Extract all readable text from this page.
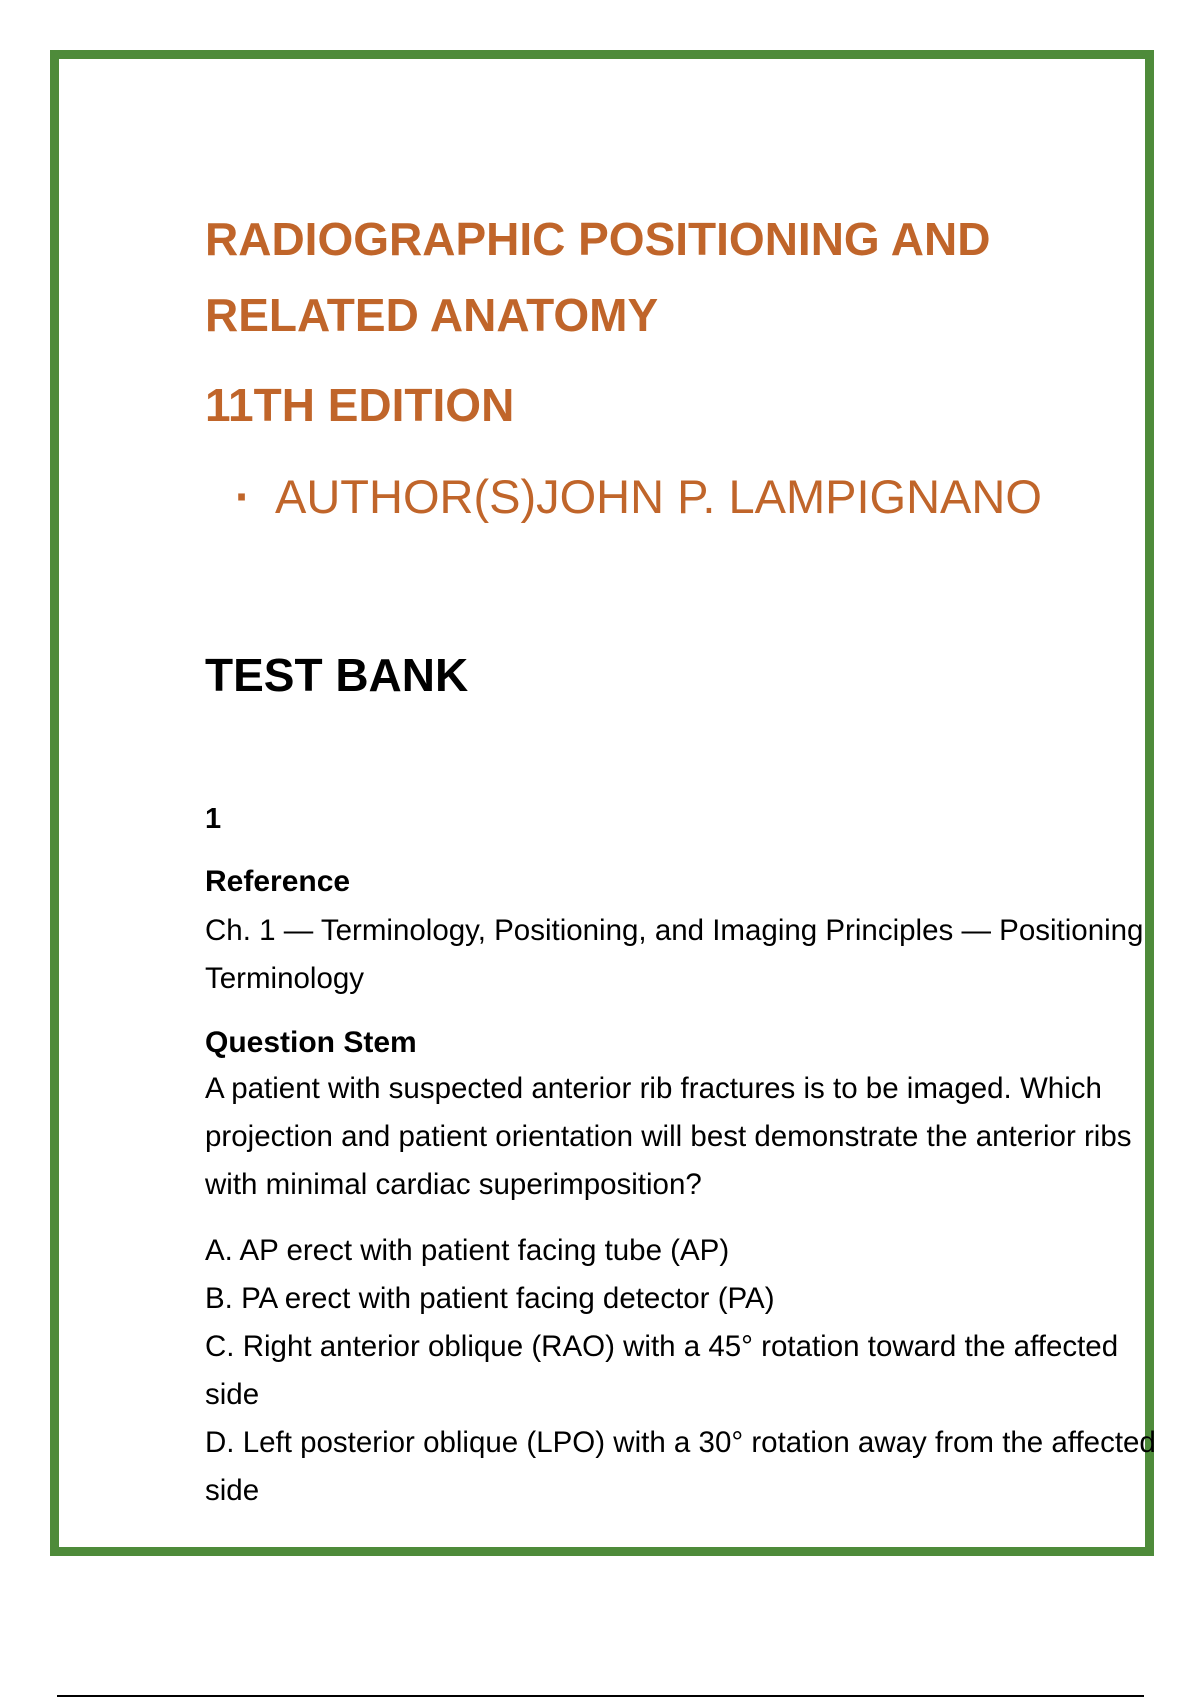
RADIOGRAPHIC POSITIONING AND
RELATED ANATOMY
11TH EDITION
· AUTHOR(S)JOHN P. LAMPIGNANO
TEST BANK
1
Reference
Ch. 1 — Terminology, Positioning, and Imaging Principles — Positioning Terminology
Question Stem
A patient with suspected anterior rib fractures is to be imaged. Which projection and patient orientation will best demonstrate the anterior ribs with minimal cardiac superimposition?
A. AP erect with patient facing tube (AP)
B. PA erect with patient facing detector (PA)
C. Right anterior oblique (RAO) with a 45° rotation toward the affected side
D. Left posterior oblique (LPO) with a 30° rotation away from the affected side
